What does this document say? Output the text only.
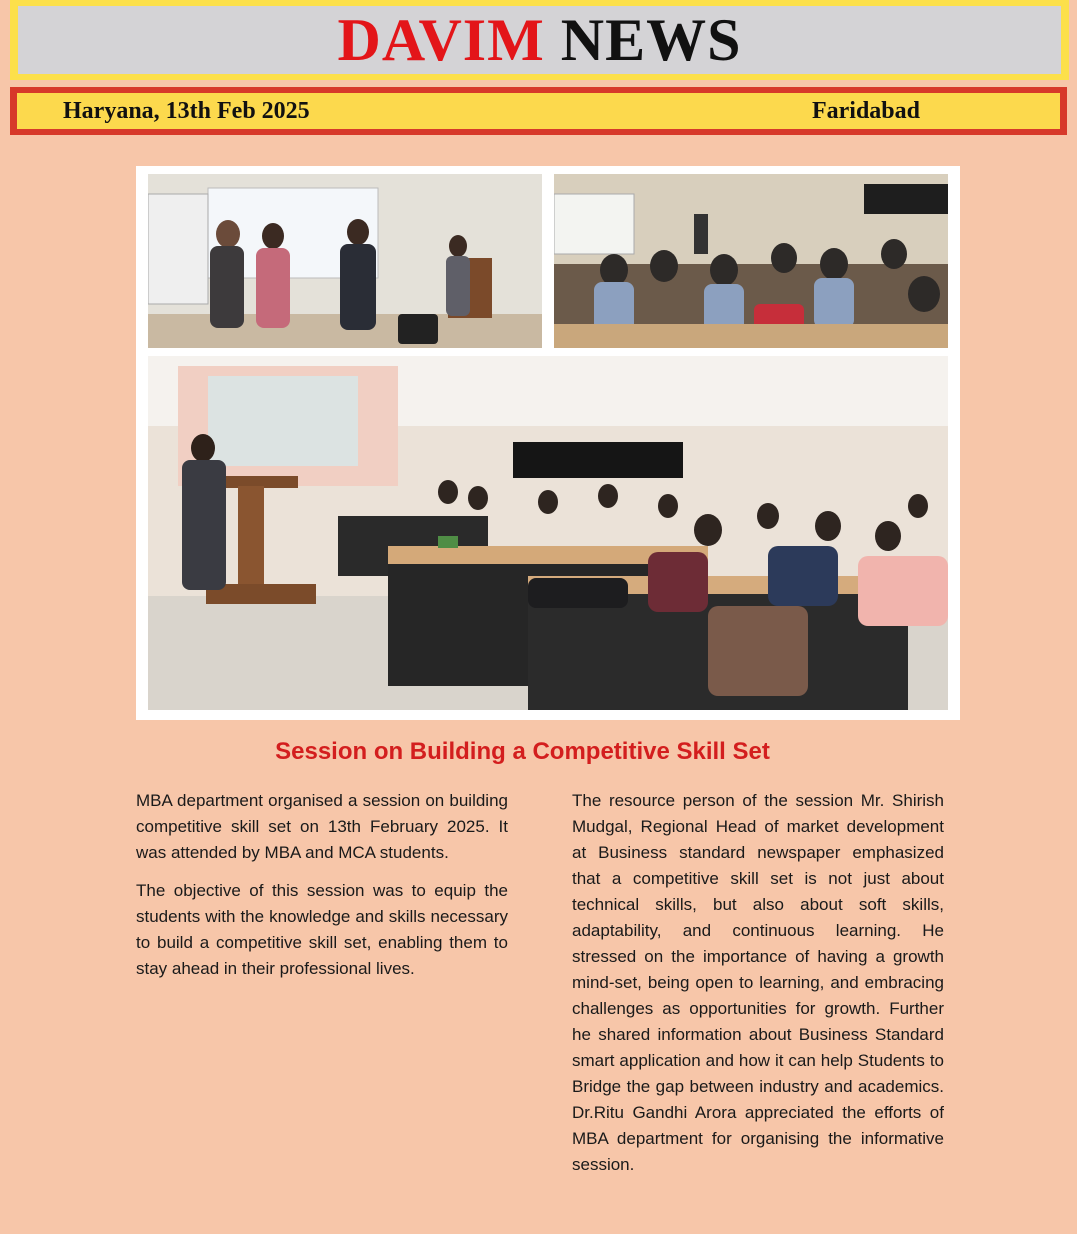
DAVIM NEWS
Haryana, 13th Feb 2025	Faridabad
Session on Building a Competitive Skill Set

MBA department organised a session on building competitive skill set on 13th February 2025. It was attended by MBA and MCA students.

The objective of this session was to equip the students with the knowledge and skills necessary to build a competitive skill set, enabling them to stay ahead in their professional lives.

The resource person of the session Mr. Shirish Mudgal, Regional Head of market development at Business standard newspaper emphasized that a competitive skill set is not just about technical skills, but also about soft skills, adaptability, and continuous learning. He stressed on the importance of having a growth mind-set, being open to learning, and embracing challenges as opportunities for growth. Further he shared information about Business Standard smart application and how it can help Students to Bridge the gap between industry and academics. Dr.Ritu Gandhi Arora appreciated the efforts of MBA department for organising the informative session.
